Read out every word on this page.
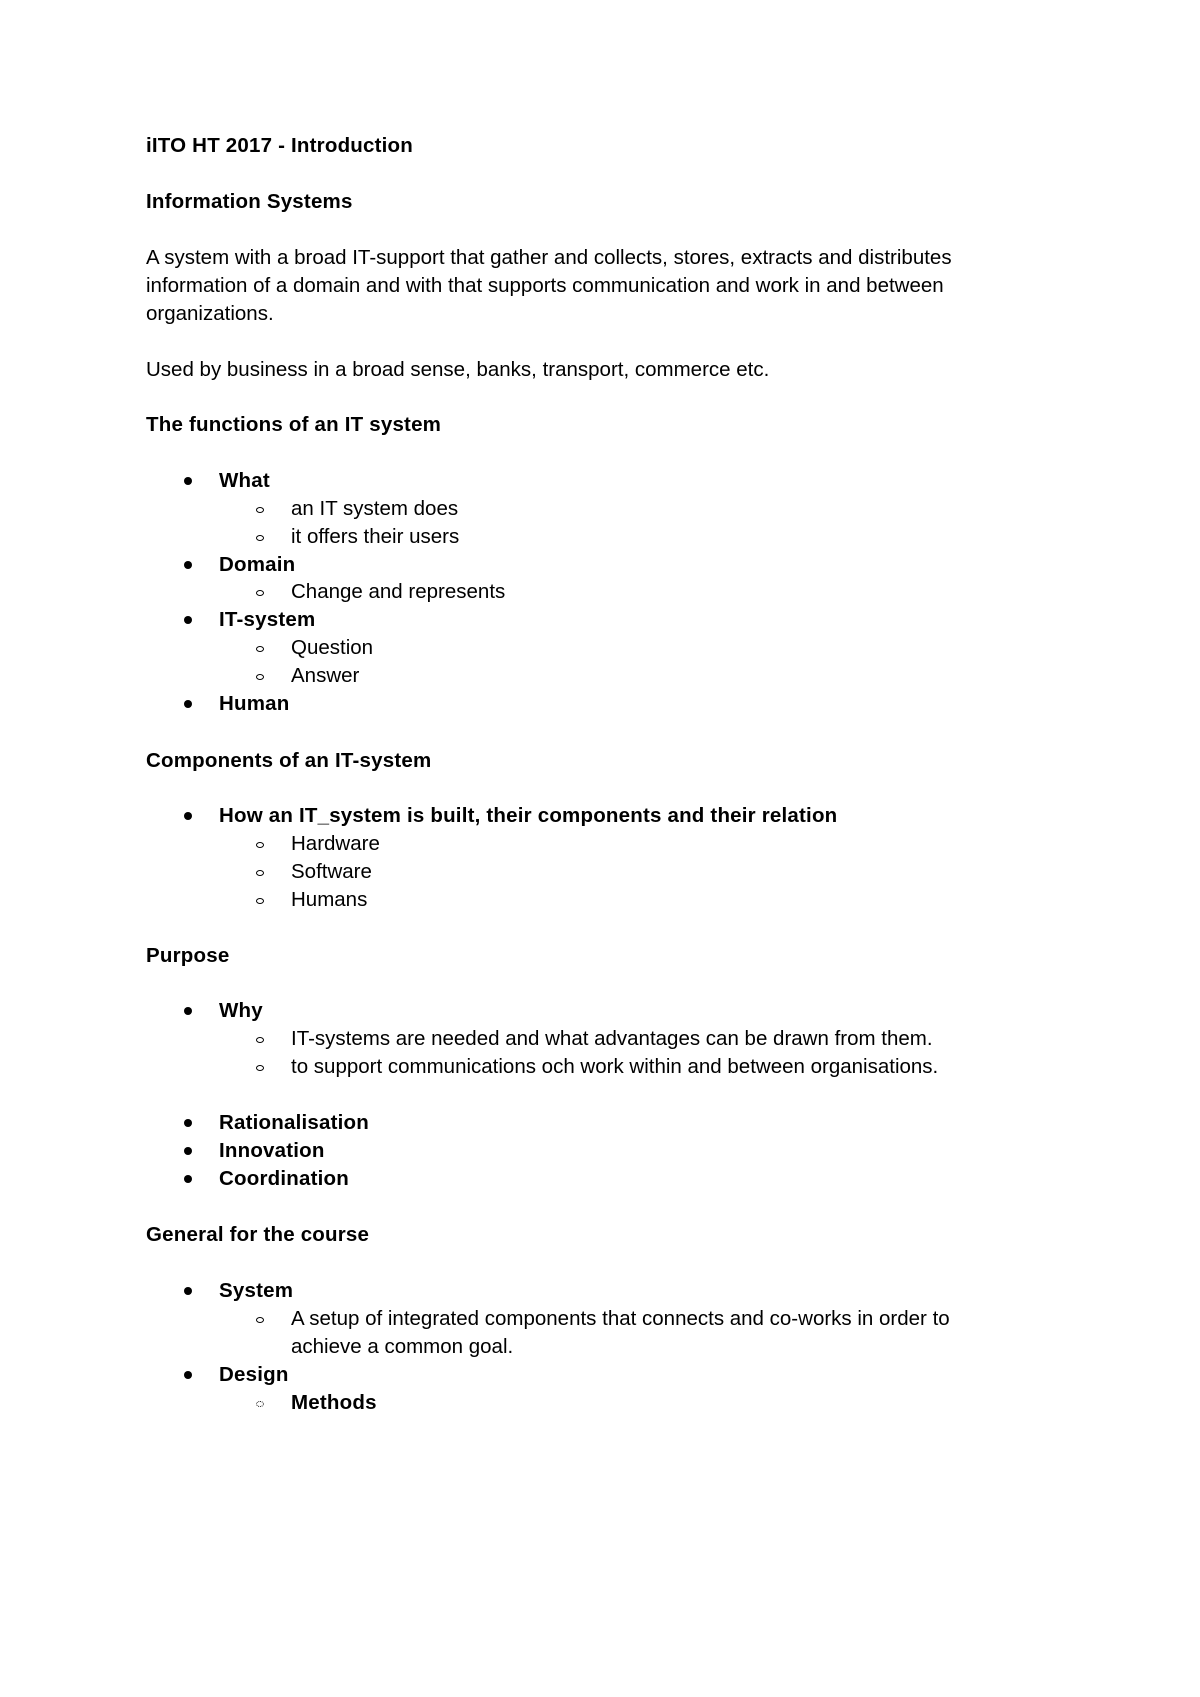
iITO HT 2017 - Introduction
Information Systems
A system with a broad IT-support that gather and collects, stores, extracts and distributes
information of a domain and with that supports communication and work in and between
organizations.
Used by business in a broad sense, banks, transport, commerce etc.
The functions of an IT system
What
an IT system does
it offers their users
Domain
Change and represents
IT-system
Question
Answer
Human
Components of an IT-system
How an IT_system is built, their components and their relation
Hardware
Software
Humans
Purpose
Why
IT-systems are needed and what advantages can be drawn from them.
to support communications och work within and between organisations.
Rationalisation
Innovation
Coordination
General for the course
System
A setup of integrated components that connects and co-works in order to
achieve a common goal.
Design
Methods
